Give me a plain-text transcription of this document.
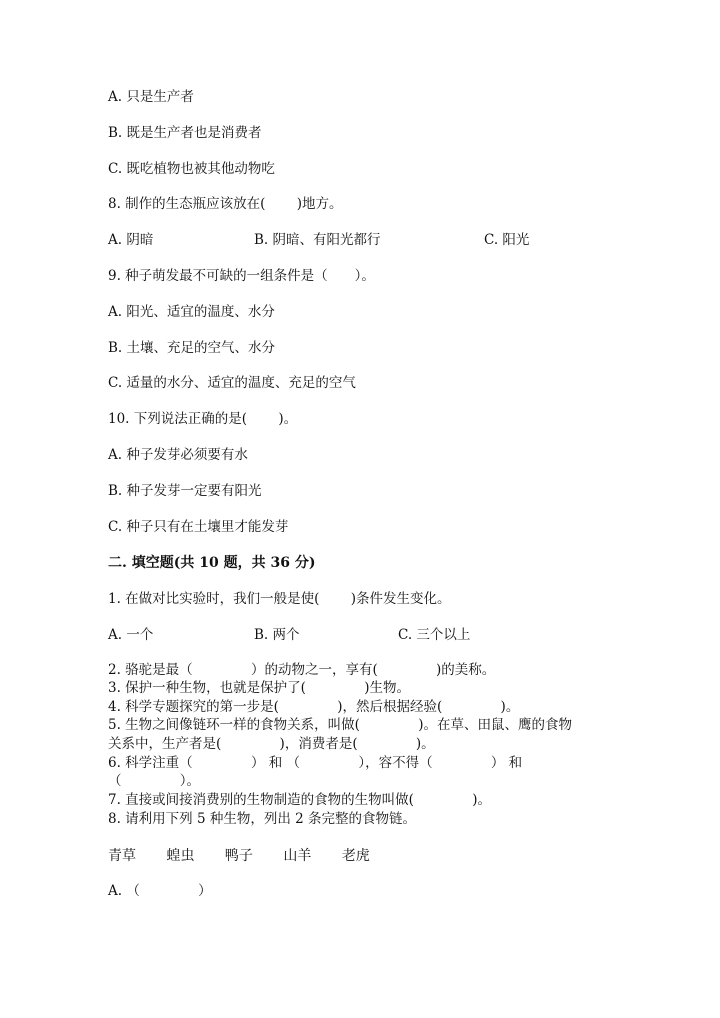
A. 只是生产者
B. 既是生产者也是消费者
C. 既吃植物也被其他动物吃
8. 制作的生态瓶应该放在(　　 )地方。
A. 阴暗	B. 阴暗、有阳光都行	C. 阳光
9. 种子萌发最不可缺的一组条件是（　　）。
A. 阳光、适宜的温度、水分
B. 土壤、充足的空气、水分
C. 适量的水分、适宜的温度、充足的空气
10. 下列说法正确的是(　　 )。
A. 种子发芽必须要有水
B. 种子发芽一定要有阳光
C. 种子只有在土壤里才能发芽
二. 填空题(共 10 题，共 36 分)
1. 在做对比实验时，我们一般是使(　　 )条件发生变化。
A. 一个	B. 两个	C. 三个以上
2. 骆驼是最（　　　　 ）的动物之一，享有(　　　　 )的美称。
3. 保护一种生物，也就是保护了(　　　　 )生物。
4. 科学专题探究的第一步是(　　　　 )，然后根据经验(　　　　 )。
5. 生物之间像链环一样的食物关系，叫做(　　　　 )。在草、田鼠、鹰的食物
关系中，生产者是(　　　　 )，消费者是(　　　　 )。
6. 科学注重（　　　　 ） 和 （　　　　 ），容不得（　　　　 ） 和
（　　　　 ）。
7. 直接或间接消费别的生物制造的食物的生物叫做(　　　　 )。
8. 请利用下列 5 种生物，列出 2 条完整的食物链。
青草 蝗虫 鸭子 山羊 老虎
A. （　　　　 ）
